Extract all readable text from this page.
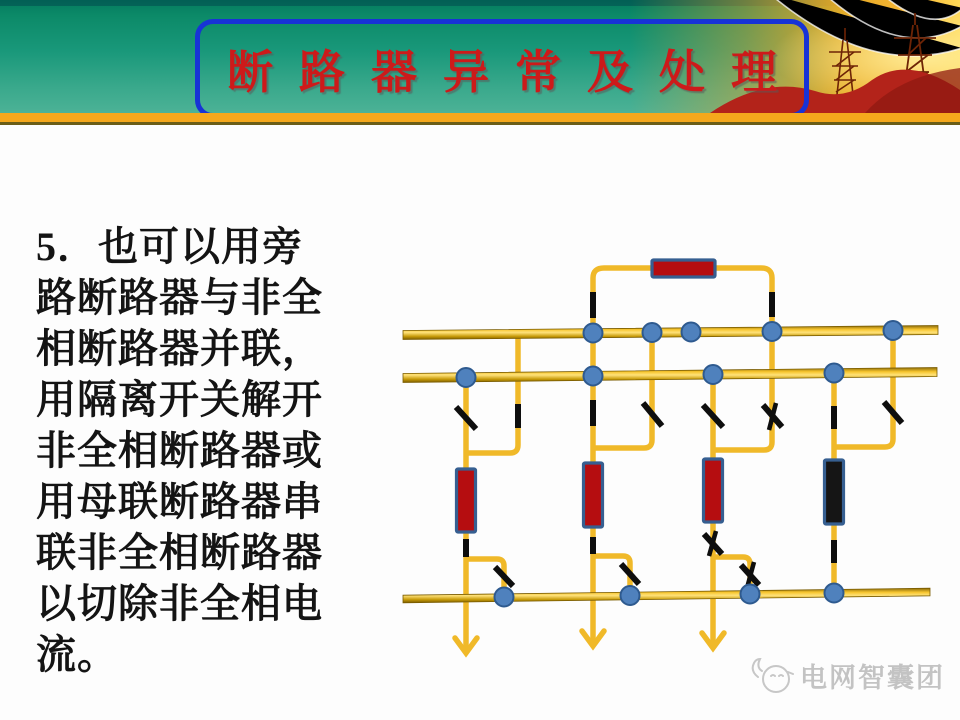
断路器异常及处理
5．也可以用旁
路断路器与非全
相断路器并联，
用隔离开关解开
非全相断路器或
用母联断路器串
联非全相断路器
以切除非全相电
流。
电网智囊团
